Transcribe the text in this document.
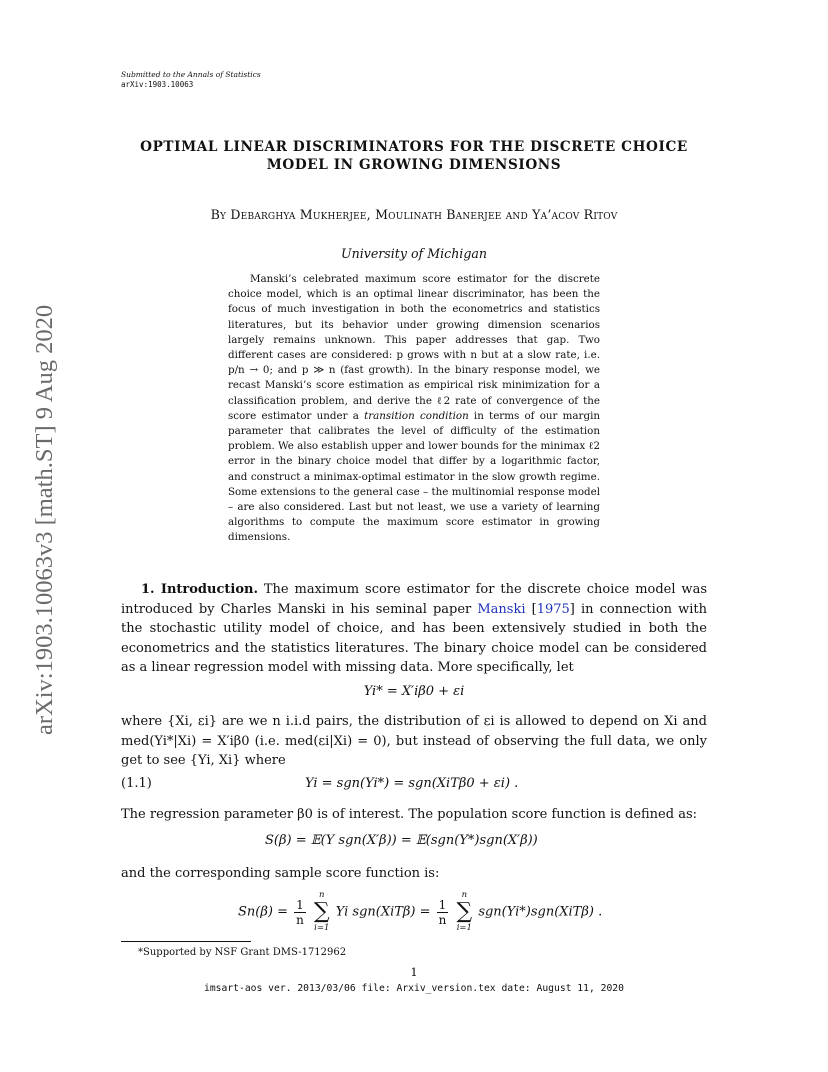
Submitted to the Annals of Statistics
arXiv:1903.10063
arXiv:1903.10063v3 [math.ST] 9 Aug 2020
OPTIMAL LINEAR DISCRIMINATORS FOR THE DISCRETE CHOICE
MODEL IN GROWING DIMENSIONS
By Debarghya Mukherjee, Moulinath Banerjee and Ya’acov Ritov
University of Michigan

Manski’s celebrated maximum score estimator for the discrete choice model, which is an optimal linear discriminator, has been the focus of much investigation in both the econometrics and statistics literatures, but its behavior under growing dimension scenarios largely remains unknown. This paper addresses that gap. Two different cases are considered: p grows with n but at a slow rate, i.e. p/n → 0; and p ≫ n (fast growth). In the binary response model, we recast Manski’s score estimation as empirical risk minimization for a classification problem, and derive the ℓ2 rate of convergence of the score estimator under a transition condition in terms of our margin parameter that calibrates the level of difficulty of the estimation problem. We also establish upper and lower bounds for the minimax ℓ2 error in the binary choice model that differ by a logarithmic factor, and construct a minimax-optimal estimator in the slow growth regime. Some extensions to the general case – the multinomial response model – are also considered. Last but not least, we use a variety of learning algorithms to compute the maximum score estimator in growing dimensions.

1. Introduction. The maximum score estimator for the discrete choice model was introduced by Charles Manski in his seminal paper Manski [1975] in connection with the stochastic utility model of choice, and has been extensively studied in both the econometrics and the statistics literatures. The binary choice model can be considered as a linear regression model with missing data. More specifically, let
Yi* = X′iβ0 + εi
where {Xi, εi} are we n i.i.d pairs, the distribution of εi is allowed to depend on Xi and med(Yi*|Xi) = X′iβ0 (i.e. med(εi|Xi) = 0), but instead of observing the full data, we only get to see {Yi, Xi} where
(1.1)	Yi = sgn(Yi*) = sgn(XiTβ0 + εi) .
The regression parameter β0 is of interest. The population score function is defined as:
S(β) = 𝔼(Y sgn(X′β)) = 𝔼(sgn(Y*)sgn(X′β))
and the corresponding sample score function is:
$Sn(\beta) = \frac{1}{n}$

n
∑
i=1
Yi $sgn(XiT\beta) = \frac{1}{n}$

n
∑
i=1
sgn(Yi*)sgn(XiTβ) .
*Supported by NSF Grant DMS-1712962
1
imsart-aos ver. 2013/03/06 file: Arxiv_version.tex date: August 11, 2020
